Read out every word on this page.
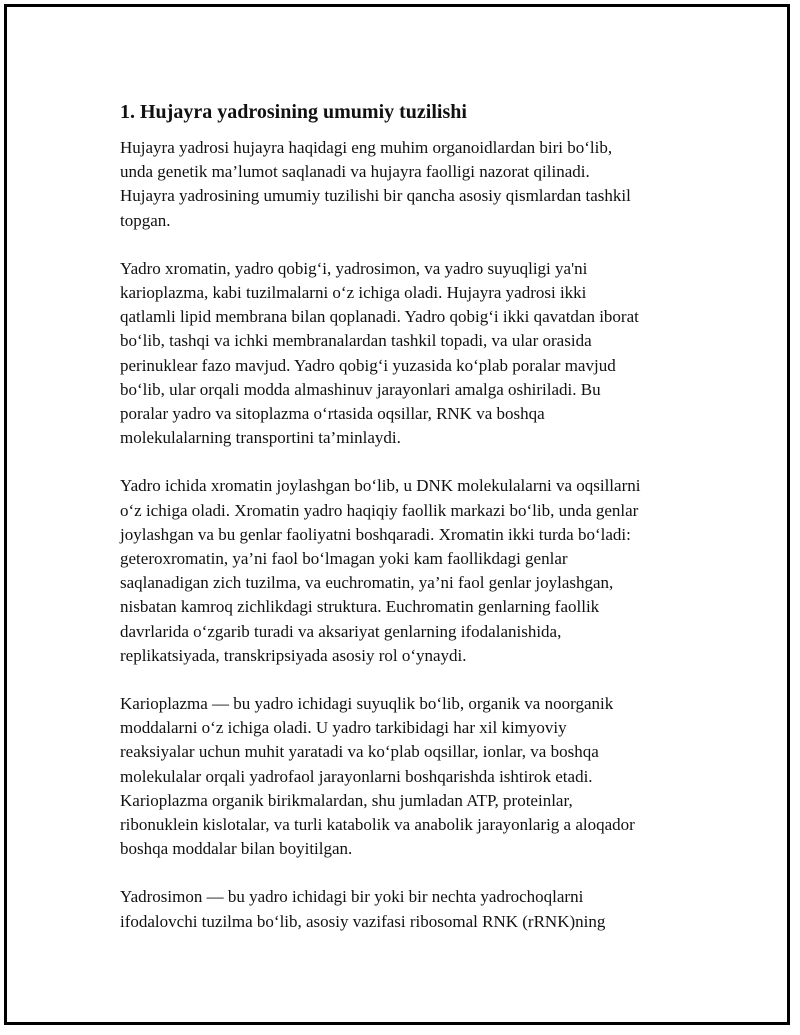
1. Hujayra yadrosining umumiy tuzilishi

Hujayra yadrosi hujayra haqidagi eng muhim organoidlardan biri bo‘lib,
unda genetik ma’lumot saqlanadi va hujayra faolligi nazorat qilinadi.
Hujayra yadrosining umumiy tuzilishi bir qancha asosiy qismlardan tashkil
topgan.

Yadro xromatin, yadro qobig‘i, yadrosimon, va yadro suyuqligi ya'ni
karioplazma, kabi tuzilmalarni o‘z ichiga oladi. Hujayra yadrosi ikki
qatlamli lipid membrana bilan qoplanadi. Yadro qobig‘i ikki qavatdan iborat
bo‘lib, tashqi va ichki membranalardan tashkil topadi, va ular orasida
perinuklear fazo mavjud. Yadro qobig‘i yuzasida ko‘plab poralar mavjud
bo‘lib, ular orqali modda almashinuv jarayonlari amalga oshiriladi. Bu
poralar yadro va sitoplazma o‘rtasida oqsillar, RNK va boshqa
molekulalarning transportini ta’minlaydi.

Yadro ichida xromatin joylashgan bo‘lib, u DNK molekulalarni va oqsillarni
o‘z ichiga oladi. Xromatin yadro haqiqiy faollik markazi bo‘lib, unda genlar
joylashgan va bu genlar faoliyatni boshqaradi. Xromatin ikki turda bo‘ladi:
geteroxromatin, ya’ni faol bo‘lmagan yoki kam faollikdagi genlar
saqlanadigan zich tuzilma, va euchromatin, ya’ni faol genlar joylashgan,
nisbatan kamroq zichlikdagi struktura. Euchromatin genlarning faollik
davrlarida o‘zgarib turadi va aksariyat genlarning ifodalanishida,
replikatsiyada, transkripsiyada asosiy rol o‘ynaydi.

Karioplazma — bu yadro ichidagi suyuqlik bo‘lib, organik va noorganik
moddalarni o‘z ichiga oladi. U yadro tarkibidagi har xil kimyoviy
reaksiyalar uchun muhit yaratadi va ko‘plab oqsillar, ionlar, va boshqa
molekulalar orqali yadrofaol jarayonlarni boshqarishda ishtirok etadi.
Karioplazma organik birikmalardan, shu jumladan ATP, proteinlar,
ribonuklein kislotalar, va turli katabolik va anabolik jarayonlarig a aloqador
boshqa moddalar bilan boyitilgan.

Yadrosimon — bu yadro ichidagi bir yoki bir nechta yadrochoqlarni
ifodalovchi tuzilma bo‘lib, asosiy vazifasi ribosomal RNK (rRNK)ning
